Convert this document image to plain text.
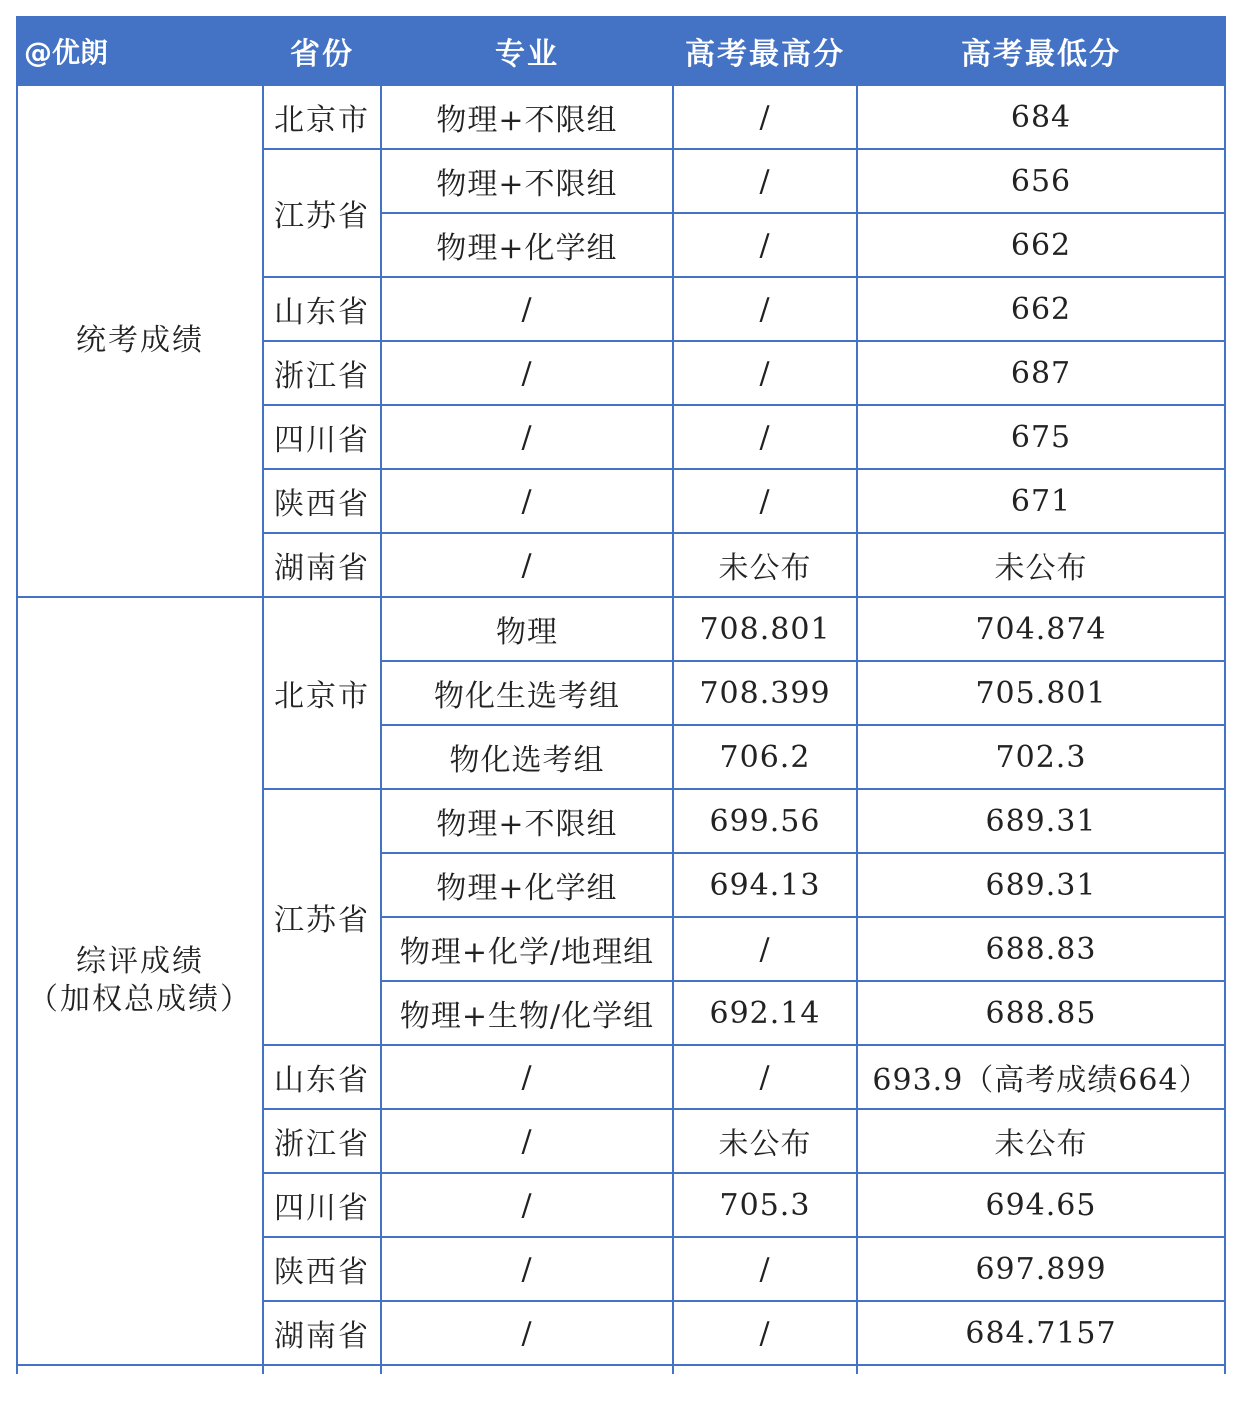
@优朗	省份	专业	高考最高分	高考最低分
统考成绩	北京市	物理+不限组	/	684
	江苏省	物理+不限组	/	656
		物理+化学组	/	662
	山东省	/	/	662
	浙江省	/	/	687
	四川省	/	/	675
	陕西省	/	/	671
	湖南省	/	未公布	未公布

综评成绩
（加权总成绩）	北京市	物理	708.801	704.874
		物化生选考组	708.399	705.801
		物化选考组	706.2	702.3
	江苏省	物理+不限组	699.56	689.31
		物理+化学组	694.13	689.31
		物理+化学/地理组	/	688.83
		物理+生物/化学组	692.14	688.85
	山东省	/	/	693.9（高考成绩664）
	浙江省	/	未公布	未公布
	四川省	/	705.3	694.65
	陕西省	/	/	697.899
	湖南省	/	/	684.7157
